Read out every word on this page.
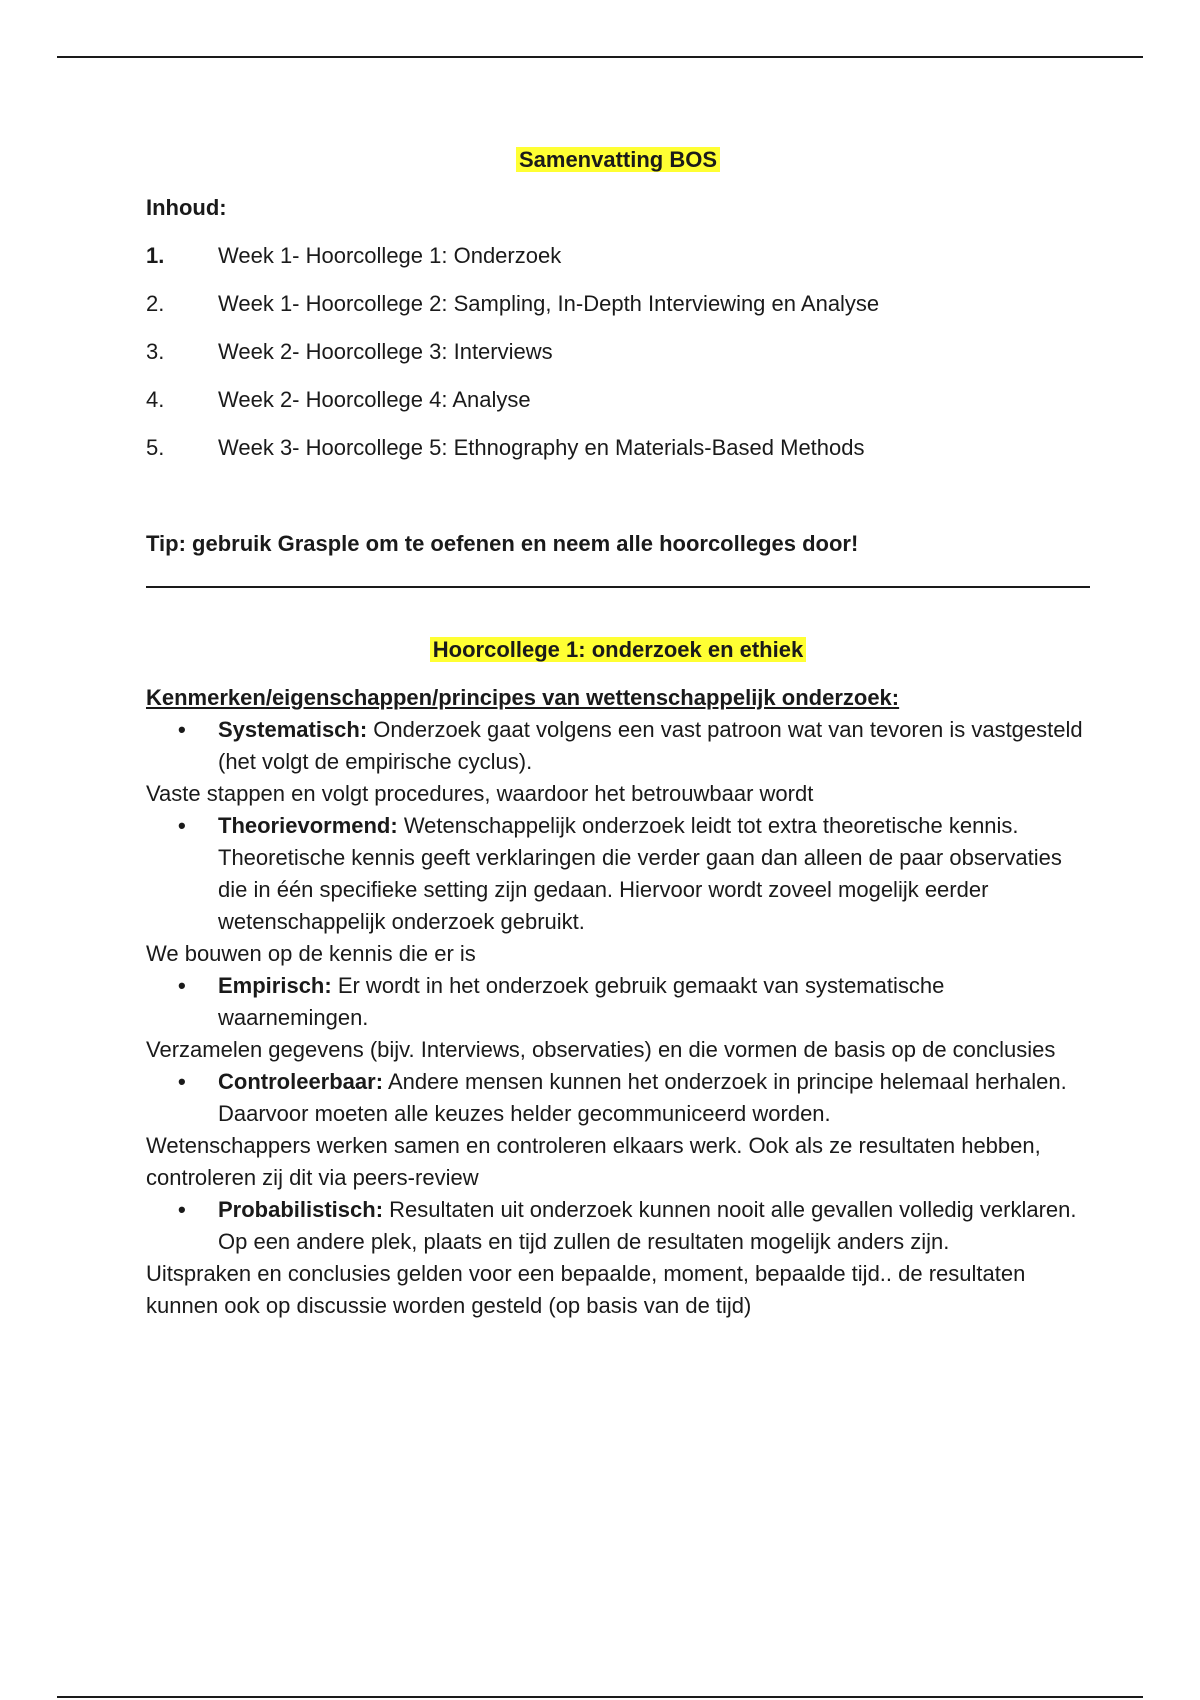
Samenvatting BOS
Inhoud:
1.	Week 1- Hoorcollege 1: Onderzoek
2.	Week 1- Hoorcollege 2: Sampling, In-Depth Interviewing en Analyse
3.	Week 2- Hoorcollege 3: Interviews
4.	Week 2- Hoorcollege 4: Analyse
5.	Week 3- Hoorcollege 5: Ethnography en Materials-Based Methods
Tip: gebruik Grasple om te oefenen en neem alle hoorcolleges door!
Hoorcollege 1: onderzoek en ethiek
Kenmerken/eigenschappen/principes van wettenschappelijk onderzoek:
•	Systematisch: Onderzoek gaat volgens een vast patroon wat van tevoren is vastgesteld (het volgt de empirische cyclus).
Vaste stappen en volgt procedures, waardoor het betrouwbaar wordt
•	Theorievormend: Wetenschappelijk onderzoek leidt tot extra theoretische kennis. Theoretische kennis geeft verklaringen die verder gaan dan alleen de paar observaties die in één specifieke setting zijn gedaan. Hiervoor wordt zoveel mogelijk eerder wetenschappelijk onderzoek gebruikt.
We bouwen op de kennis die er is
•	Empirisch: Er wordt in het onderzoek gebruik gemaakt van systematische waarnemingen.
Verzamelen gegevens (bijv. Interviews, observaties) en die vormen de basis op de conclusies
•	Controleerbaar: Andere mensen kunnen het onderzoek in principe helemaal herhalen. Daarvoor moeten alle keuzes helder gecommuniceerd worden.
Wetenschappers werken samen en controleren elkaars werk. Ook als ze resultaten hebben, controleren zij dit via peers-review
•	Probabilistisch: Resultaten uit onderzoek kunnen nooit alle gevallen volledig verklaren. Op een andere plek, plaats en tijd zullen de resultaten mogelijk anders zijn.
Uitspraken en conclusies gelden voor een bepaalde, moment, bepaalde tijd.. de resultaten kunnen ook op discussie worden gesteld (op basis van de tijd)
